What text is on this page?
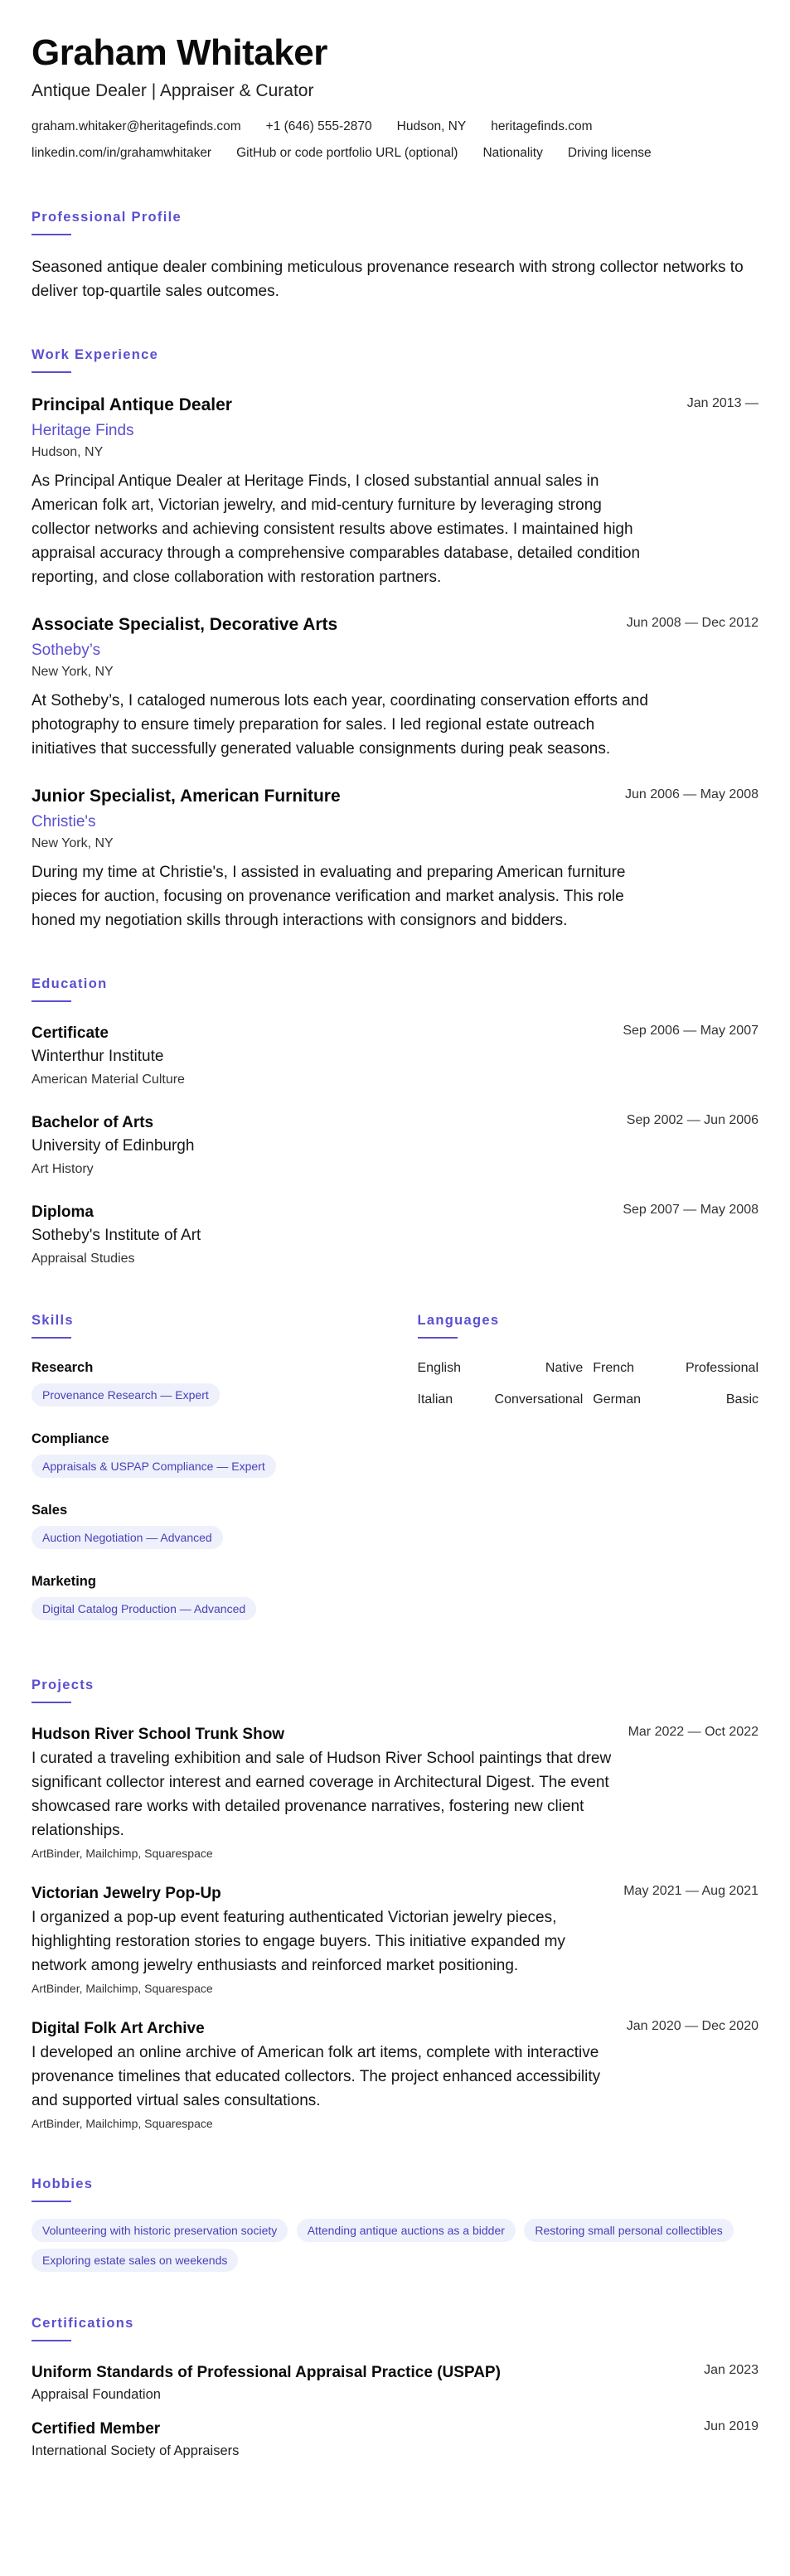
Graham Whitaker
Antique Dealer | Appraiser & Curator
graham.whitaker@heritagefinds.com +1 (646) 555-2870 Hudson, NY heritagefinds.com
linkedin.com/in/grahamwhitaker GitHub or code portfolio URL (optional) Nationality Driving license
Professional Profile
Seasoned antique dealer combining meticulous provenance research with strong collector networks to deliver top-quartile sales outcomes.
Work Experience
Jan 2013 —
Principal Antique Dealer
Heritage Finds
Hudson, NY
As Principal Antique Dealer at Heritage Finds, I closed substantial annual sales in American folk art, Victorian jewelry, and mid-century furniture by leveraging strong collector networks and achieving consistent results above estimates. I maintained high appraisal accuracy through a comprehensive comparables database, detailed condition reporting, and close collaboration with restoration partners.
Jun 2008 — Dec 2012
Associate Specialist, Decorative Arts
Sotheby’s
New York, NY
At Sotheby’s, I cataloged numerous lots each year, coordinating conservation efforts and photography to ensure timely preparation for sales. I led regional estate outreach initiatives that successfully generated valuable consignments during peak seasons.
Jun 2006 — May 2008
Junior Specialist, American Furniture
Christie's
New York, NY
During my time at Christie's, I assisted in evaluating and preparing American furniture pieces for auction, focusing on provenance verification and market analysis. This role honed my negotiation skills through interactions with consignors and bidders.
Education
Sep 2006 — May 2007
Certificate
Winterthur Institute
American Material Culture
Sep 2002 — Jun 2006
Bachelor of Arts
University of Edinburgh
Art History
Sep 2007 — May 2008
Diploma
Sotheby's Institute of Art
Appraisal Studies
Skills
Research
Provenance Research — Expert
Compliance
Appraisals & USPAP Compliance — Expert
Sales
Auction Negotiation — Advanced
Marketing
Digital Catalog Production — Advanced
Languages
English	Native French	Professional
Italian	Conversational German	Basic
Projects
Mar 2022 — Oct 2022
Hudson River School Trunk Show
I curated a traveling exhibition and sale of Hudson River School paintings that drew significant collector interest and earned coverage in Architectural Digest. The event showcased rare works with detailed provenance narratives, fostering new client relationships.
ArtBinder, Mailchimp, Squarespace
May 2021 — Aug 2021
Victorian Jewelry Pop-Up
I organized a pop-up event featuring authenticated Victorian jewelry pieces, highlighting restoration stories to engage buyers. This initiative expanded my network among jewelry enthusiasts and reinforced market positioning.
ArtBinder, Mailchimp, Squarespace
Jan 2020 — Dec 2020
Digital Folk Art Archive
I developed an online archive of American folk art items, complete with interactive provenance timelines that educated collectors. The project enhanced accessibility and supported virtual sales consultations.
ArtBinder, Mailchimp, Squarespace
Hobbies
Volunteering with historic preservation society	Attending antique auctions as a bidder	Restoring small personal collectibles Exploring estate sales on weekends
Certifications
Jan 2023
Uniform Standards of Professional Appraisal Practice (USPAP)
Appraisal Foundation
Jun 2019
Certified Member
International Society of Appraisers
